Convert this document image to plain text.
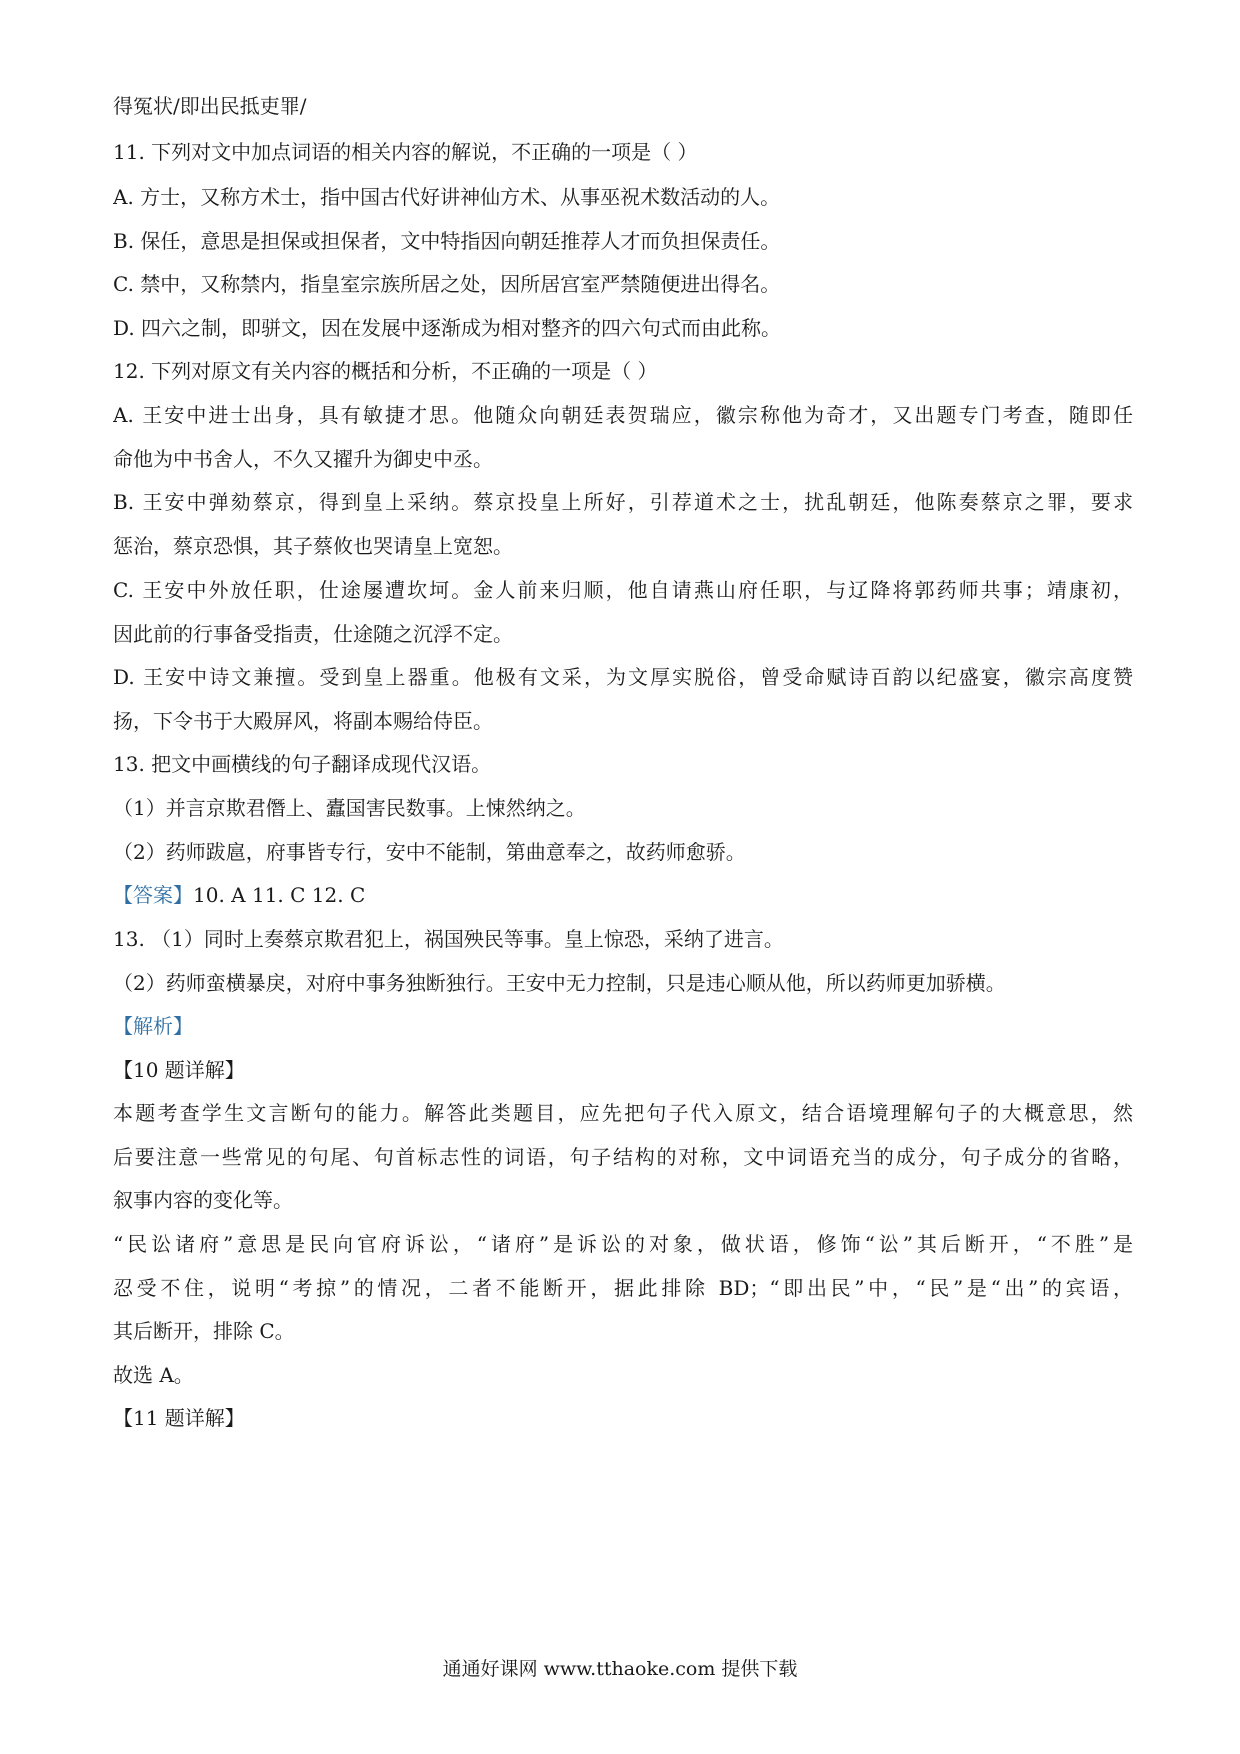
得冤状/即出民抵吏罪/
11. 下列对文中加点词语的相关内容的解说，不正确的一项是（ ）
A. 方士，又称方术士，指中国古代好讲神仙方术、从事巫祝术数活动的人。
B. 保任，意思是担保或担保者，文中特指因向朝廷推荐人才而负担保责任。
C. 禁中，又称禁内，指皇室宗族所居之处，因所居宫室严禁随便进出得名。
D. 四六之制，即骈文，因在发展中逐渐成为相对整齐的四六句式而由此称。
12. 下列对原文有关内容的概括和分析，不正确的一项是（ ）
A. 王安中进士出身，具有敏捷才思。他随众向朝廷表贺瑞应，徽宗称他为奇才，又出题专门考查，随即任
命他为中书舍人，不久又擢升为御史中丞。
B. 王安中弹劾蔡京，得到皇上采纳。蔡京投皇上所好，引荐道术之士，扰乱朝廷，他陈奏蔡京之罪，要求
惩治，蔡京恐惧，其子蔡攸也哭请皇上宽恕。
C. 王安中外放任职，仕途屡遭坎坷。金人前来归顺，他自请燕山府任职，与辽降将郭药师共事；靖康初，
因此前的行事备受指责，仕途随之沉浮不定。
D. 王安中诗文兼擅。受到皇上器重。他极有文采，为文厚实脱俗，曾受命赋诗百韵以纪盛宴，徽宗高度赞
扬，下令书于大殿屏风，将副本赐给侍臣。
13. 把文中画横线的句子翻译成现代汉语。
（1）并言京欺君僭上、蠹国害民数事。上悚然纳之。
（2）药师跋扈，府事皆专行，安中不能制，第曲意奉之，故药师愈骄。
【答案】10. A 11. C 12. C
13. （1）同时上奏蔡京欺君犯上，祸国殃民等事。皇上惊恐，采纳了进言。
（2）药师蛮横暴戾，对府中事务独断独行。王安中无力控制，只是违心顺从他，所以药师更加骄横。
【解析】
【10 题详解】
本题考查学生文言断句的能力。解答此类题目，应先把句子代入原文，结合语境理解句子的大概意思，然
后要注意一些常见的句尾、句首标志性的词语，句子结构的对称，文中词语充当的成分，句子成分的省略，
叙事内容的变化等。
“民讼诸府”意思是民向官府诉讼，“诸府”是诉讼的对象，做状语，修饰“讼”其后断开，“不胜”是
忍受不住，说明“考掠”的情况，二者不能断开，据此排除 BD；“即出民”中，“民”是“出”的宾语，
其后断开，排除 C。
故选 A。
【11 题详解】
通通好课网 www.tthaoke.com 提供下载
